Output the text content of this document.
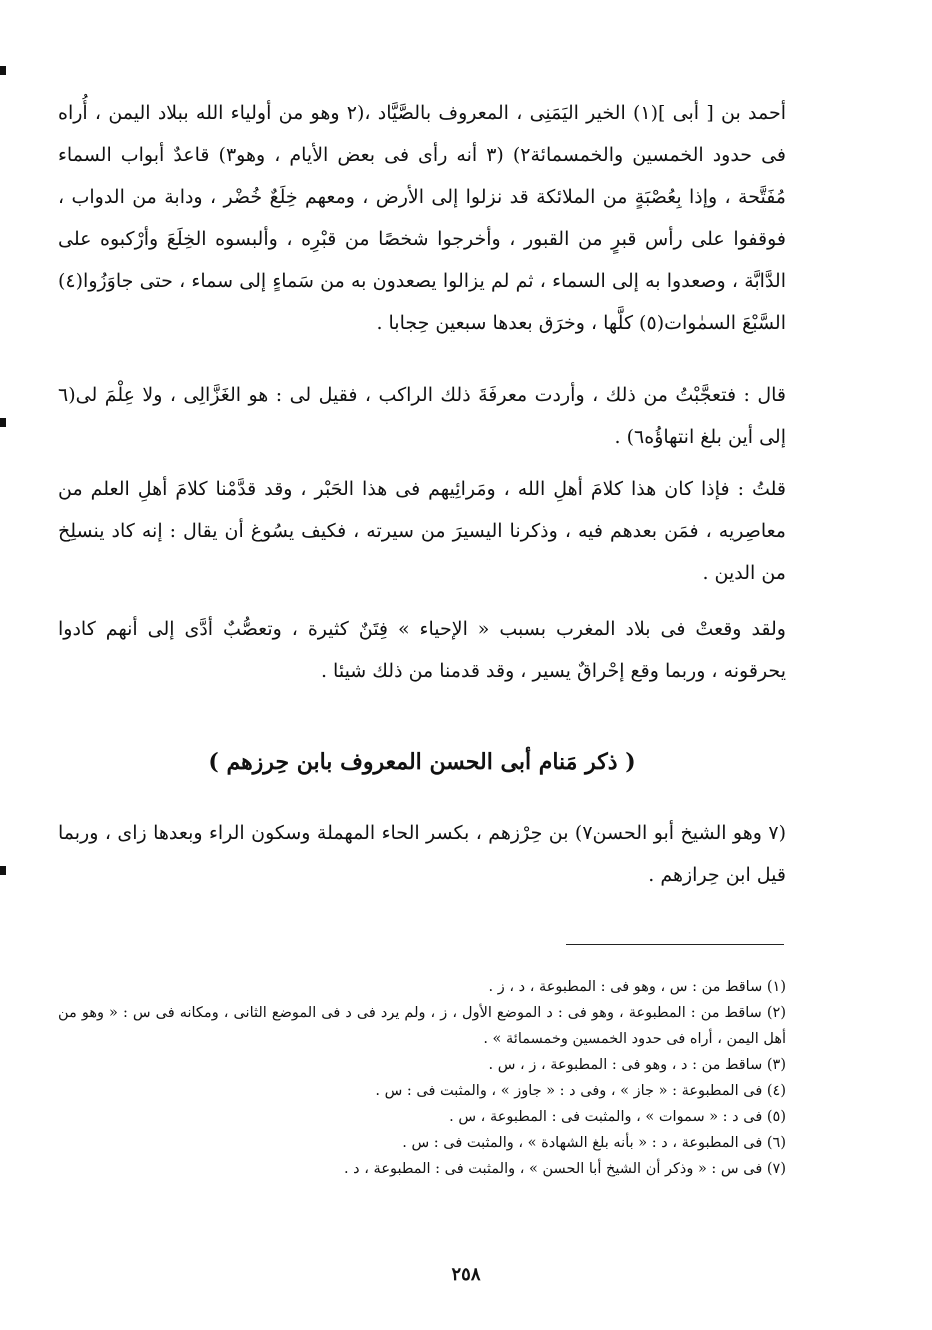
أحمد بن [ أبى ](١) الخير اليَمَنِى ، المعروف بالصَّيَّاد ،(٢ وهو من أولياء الله ببلاد اليمن ، أُراه فى حدود الخمسين والخمسمائة٢) (٣ أنه رأى فى بعض الأيام ، وهو٣) قاعدٌ أبواب السماء مُفَتَّحة ، وإذا بِعُصْبَةٍ من الملائكة قد نزلوا إلى الأرض ، ومعهم خِلَعٌ خُضْر ، ودابة من الدواب ، فوقفوا على رأس قبرٍ من القبور ، وأخرجوا شخصًا من قبْرِه ، وألبسوه الخِلَعَ وأرْكبوه على الدَّابَّة ، وصعدوا به إلى السماء ، ثم لم يزالوا يصعدون به من سَماءٍ إلى سماء ، حتى جاوَزُوا(٤) السَّبْعَ السمٰوات(٥) كلَّها ، وخرَق بعدها سبعين حِجابا .

قال : فتعجَّبْتُ من ذلك ، وأردت معرفَةَ ذلك الراكب ، فقيل لى : هو الغَزَّالِى ، ولا عِلْمَ لى(٦ إلى أين بلغ انتهاؤُه٦) .

قلتُ : فإذا كان هذا كلامَ أهلِ الله ، ومَرائِيهم فى هذا الحَبْر ، وقد قدَّمْنا كلامَ أهلِ العلم من معاصِريه ، فمَن بعدهم فيه ، وذكرنا اليسيرَ من سيرته ، فكيف يسُوغ أن يقال : إنه كاد ينسلِخ من الدين .

ولقد وقعتْ فى بلاد المغرب بسبب « الإحياء » فِتَنٌ كثيرة ، وتعصُّبٌ أدَّى إلى أنهم كادوا يحرقونه ، وربما وقع إحْراقٌ يسير ، وقد قدمنا من ذلك شيئا .

( ذكر مَنام أبى الحسن المعروف بابن حِرزهم )

(٧ وهو الشيخ أبو الحسن٧) بن حِرْزهم ، بكسر الحاء المهملة وسكون الراء وبعدها زاى ، وربما قيل ابن حِرازهم .

(١) ساقط من : س ، وهو فى : المطبوعة ، د ، ز .

(٢) ساقط من : المطبوعة ، وهو فى : د الموضع الأول ، ز ، ولم يرد فى د فى الموضع الثانى ، ومكانه فى س : « وهو من أهل اليمن ، أراه فى حدود الخمسين وخمسمائة » .

(٣) ساقط من : د ، وهو فى : المطبوعة ، ز ، س .

(٤) فى المطبوعة : « جاز » ، وفى د : « جاوز » ، والمثبت فى : س .

(٥) فى د : « سموات » ، والمثبت فى : المطبوعة ، س .

(٦) فى المطبوعة ، د : « بأنه بلغ الشهادة » ، والمثبت فى : س .

(٧) فى س : « وذكر أن الشيخ أبا الحسن » ، والمثبت فى : المطبوعة ، د .

٢٥٨
